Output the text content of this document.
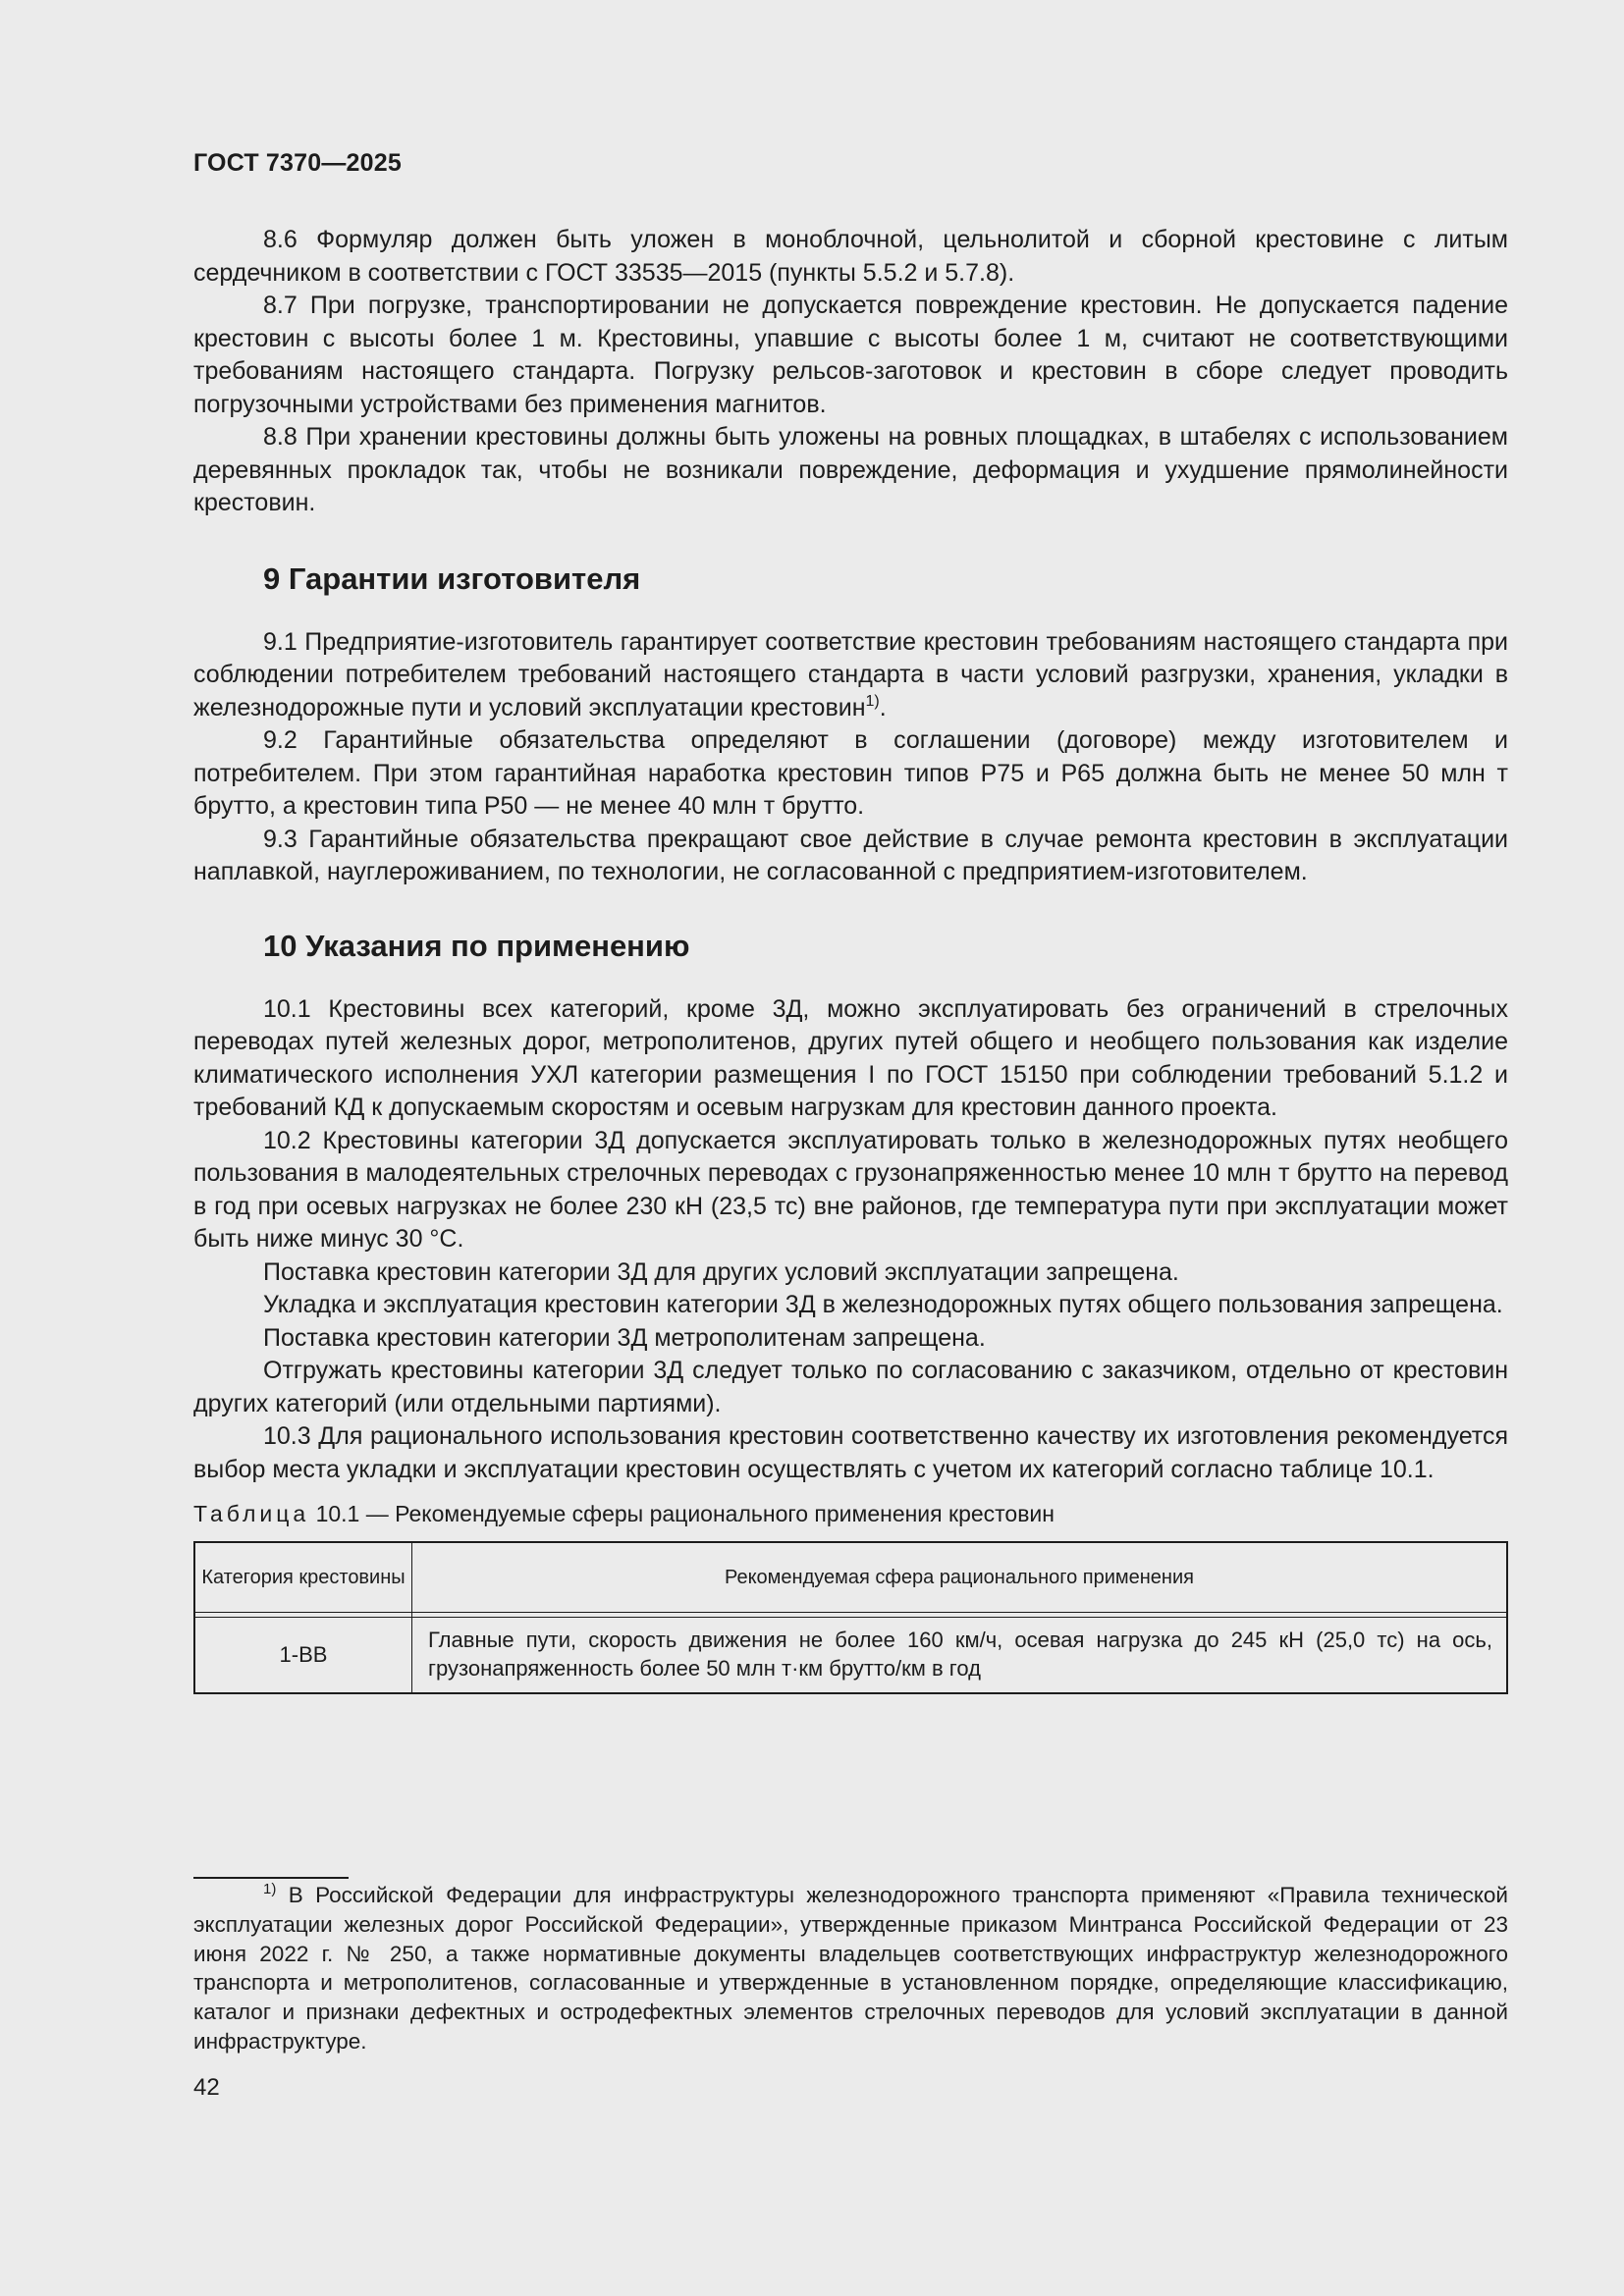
ГОСТ 7370—2025

8.6 Формуляр должен быть уложен в моноблочной, цельнолитой и сборной крестовине с литым сердечником в соответствии с ГОСТ 33535—2015 (пункты 5.5.2 и 5.7.8).

8.7 При погрузке, транспортировании не допускается повреждение крестовин. Не допускается падение крестовин с высоты более 1 м. Крестовины, упавшие с высоты более 1 м, считают не соответствующими требованиям настоящего стандарта. Погрузку рельсов-заготовок и крестовин в сборе следует проводить погрузочными устройствами без применения магнитов.

8.8 При хранении крестовины должны быть уложены на ровных площадках, в штабелях с использованием деревянных прокладок так, чтобы не возникали повреждение, деформация и ухудшение прямолинейности крестовин.

9 Гарантии изготовителя

9.1 Предприятие-изготовитель гарантирует соответствие крестовин требованиям настоящего стандарта при соблюдении потребителем требований настоящего стандарта в части условий разгрузки, хранения, укладки в железнодорожные пути и условий эксплуатации крестовин$^{1)}$.

9.2 Гарантийные обязательства определяют в соглашении (договоре) между изготовителем и потребителем. При этом гарантийная наработка крестовин типов Р75 и Р65 должна быть не менее 50 млн т брутто, а крестовин типа Р50 — не менее 40 млн т брутто.

9.3 Гарантийные обязательства прекращают свое действие в случае ремонта крестовин в эксплуатации наплавкой, науглероживанием, по технологии, не согласованной с предприятием-изготовителем.

10 Указания по применению

10.1 Крестовины всех категорий, кроме 3Д, можно эксплуатировать без ограничений в стрелочных переводах путей железных дорог, метрополитенов, других путей общего и необщего пользования как изделие климатического исполнения УХЛ категории размещения I по ГОСТ 15150 при соблюдении требований 5.1.2 и требований КД к допускаемым скоростям и осевым нагрузкам для крестовин данного проекта.

10.2 Крестовины категории 3Д допускается эксплуатировать только в железнодорожных путях необщего пользования в малодеятельных стрелочных переводах с грузонапряженностью менее 10 млн т брутто на перевод в год при осевых нагрузках не более 230 кН (23,5 тс) вне районов, где температура пути при эксплуатации может быть ниже минус 30 °С.

Поставка крестовин категории 3Д для других условий эксплуатации запрещена.

Укладка и эксплуатация крестовин категории 3Д в железнодорожных путях общего пользования запрещена.

Поставка крестовин категории 3Д метрополитенам запрещена.

Отгружать крестовины категории 3Д следует только по согласованию с заказчиком, отдельно от крестовин других категорий (или отдельными партиями).

10.3 Для рационального использования крестовин соответственно качеству их изготовления рекомендуется выбор места укладки и эксплуатации крестовин осуществлять с учетом их категорий согласно таблице 10.1.

Таблица 10.1 — Рекомендуемые сферы рационального применения крестовин
Категория крестовины	Рекомендуемая сфера рационального применения

1-ВВ	Главные пути, скорость движения не более 160 км/ч, осевая нагрузка до 245 кН (25,0 тс) на ось, грузонапряженность более 50 млн т·км брутто/км в год
$^{1)}$ В Российской Федерации для инфраструктуры железнодорожного транспорта применяют «Правила технической эксплуатации железных дорог Российской Федерации», утвержденные приказом Минтранса Российской Федерации от 23 июня 2022 г. № 250, а также нормативные документы владельцев соответствующих инфраструктур железнодорожного транспорта и метрополитенов, согласованные и утвержденные в установленном порядке, определяющие классификацию, каталог и признаки дефектных и остродефектных элементов стрелочных переводов для условий эксплуатации в данной инфраструктуре.
42
